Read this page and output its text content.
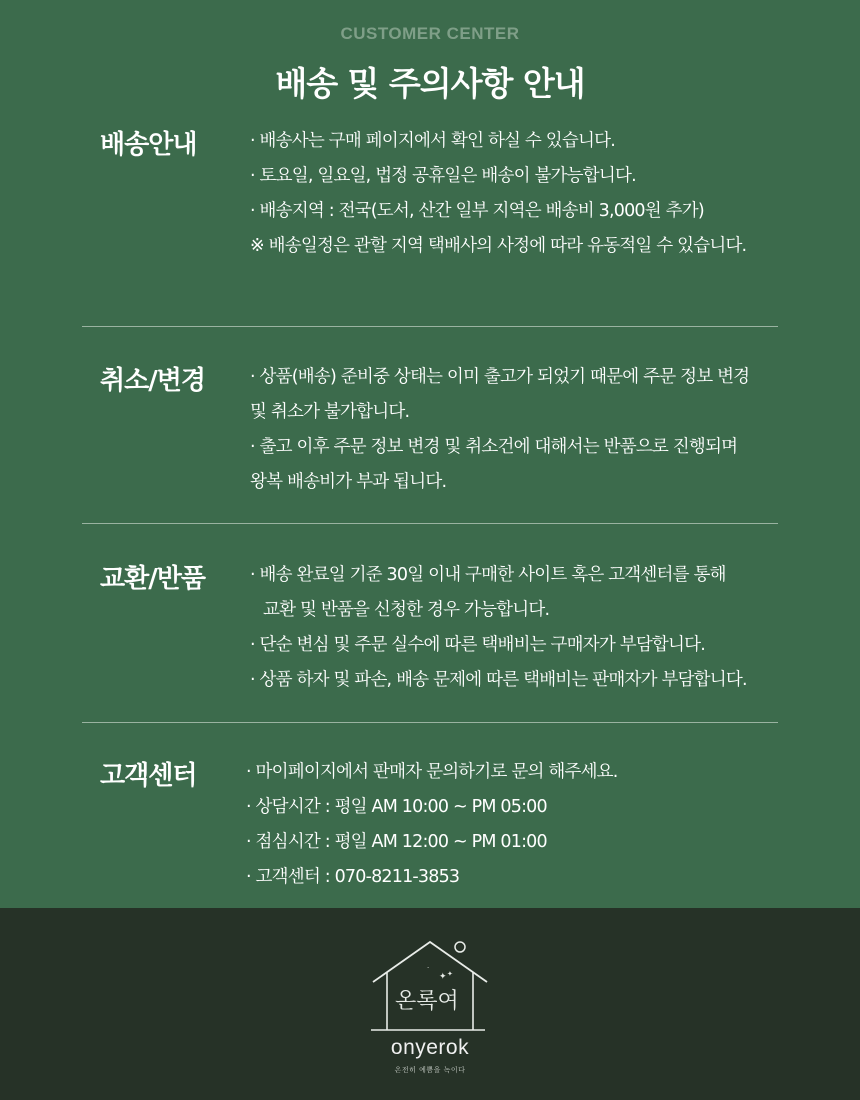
CUSTOMER CENTER
배송 및 주의사항 안내
배송안내	· 배송사는 구매 페이지에서 확인 하실 수 있습니다.
· 토요일, 일요일, 법정 공휴일은 배송이 불가능합니다.
· 배송지역 : 전국(도서, 산간 일부 지역은 배송비 3,000원 추가)
※ 배송일정은 관할 지역 택배사의 사정에 따라 유동적일 수 있습니다.
취소/변경	· 상품(배송) 준비중 상태는 이미 출고가 되었기 때문에 주문 정보 변경
및 취소가 불가합니다.
· 출고 이후 주문 정보 변경 및 취소건에 대해서는 반품으로 진행되며
왕복 배송비가 부과 됩니다.
교환/반품	· 배송 완료일 기준 30일 이내 구매한 사이트 혹은 고객센터를 통해
교환 및 반품을 신청한 경우 가능합니다.
· 단순 변심 및 주문 실수에 따른 택배비는 구매자가 부담합니다.
· 상품 하자 및 파손, 배송 문제에 따른 택배비는 판매자가 부담합니다.
고객센터	· 마이페이지에서 판매자 문의하기로 문의 해주세요.
· 상담시간 : 평일 AM 10:00 ~ PM 05:00
· 점심시간 : 평일 AM 12:00 ~ PM 01:00
· 고객센터 : 070-8211-3853
✦ ✦
·
온록여
onyerok
온전히 예쁨을 녹이다
